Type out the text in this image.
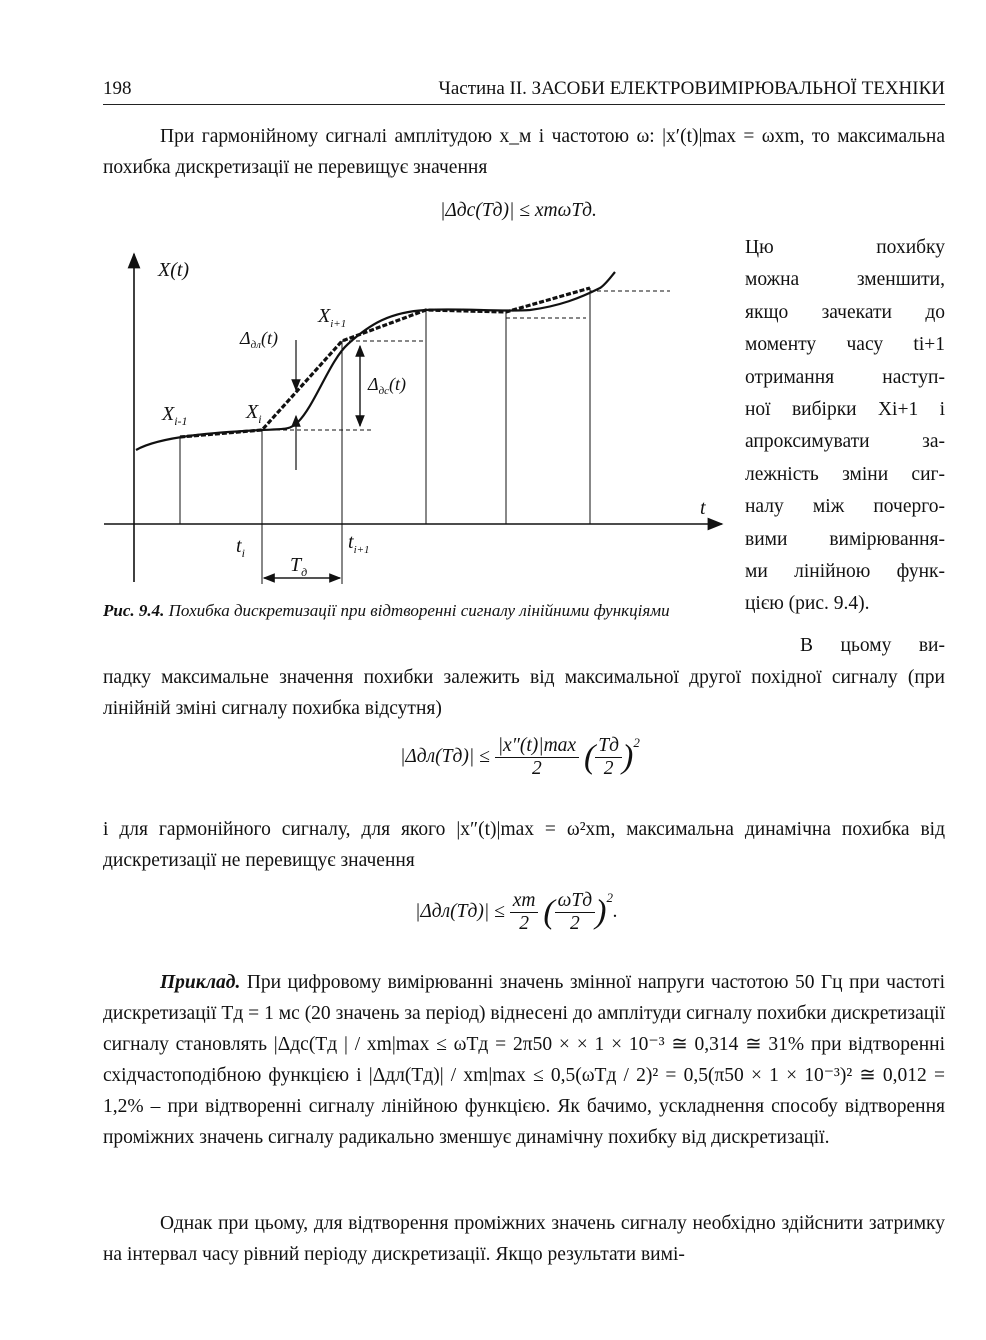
198	Частина ІІ. ЗАСОБИ ЕЛЕКТРОВИМІРЮВАЛЬНОЇ ТЕХНІКИ
При гармонійному сигналі амплітудою x_м і частотою ω: |x′(t)|max = ωxm, то максимальна похибка дискретизації не перевищує значення
|Δдс(Tд)| ≤ xmωTд.
X(t)
t
$X_{i-1}$	$X_i$
$X_{i+1}$
$\Delta_{дл}(t)$
$\Delta_{дс}(t)$
$t_i$	$t_{i+1}$
$T_д$
Рис. 9.4. Похибка дискретизації при відтворенні сигналу лінійними функціями
Цю похибку
можна зменшити,
якщо зачекати до
моменту часу ti+1
отримання наступ-
ної вибірки Xi+1 і
апроксимувати за-
лежність зміни сиг-
налу між почерго-
вими вимірювання-
ми лінійною функ-
цією (рис. 9.4).
В цьому ви-
падку максимальне значення похибки залежить від максимальної другої похідної сигналу (при лінійній зміні сигналу похибка відсутня)
$|\Delta дл(Tд)| \le \frac{|x''(t)|\max}{2}$ ( $\frac{Tд}{2} )^2$
і для гармонійного сигналу, для якого |x″(t)|max = ω²xm, максимальна динамічна похибка від дискретизації не перевищує значення
$|\Delta дл(Tд)| \le \frac{xm}{2}$ ( $\frac{\text{ωTд}}{2} )^2$.
Приклад. При цифровому вимірюванні значень змінної напруги частотою 50 Гц при частоті дискретизації Tд = 1 мс (20 значень за період) віднесені до амплітуди сигналу похибки дискретизації сигналу становлять |Δдс(Tд | / xm|max ≤ ωTд = 2π50 × × 1 × 10⁻³ ≅ 0,314 ≅ 31% при відтворенні східчастоподібною функцією і |Δдл(Tд)| / xm|max ≤ 0,5(ωTд / 2)² = 0,5(π50 × 1 × 10⁻³)² ≅ 0,012 = 1,2% – при відтворенні сигналу лінійною функцією. Як бачимо, ускладнення способу відтворення проміжних значень сигналу радикально зменшує динамічну похибку від дискретизації.
Однак при цьому, для відтворення проміжних значень сигналу необхідно здійснити затримку на інтервал часу рівний періоду дискретизації. Якщо результати вимі-
